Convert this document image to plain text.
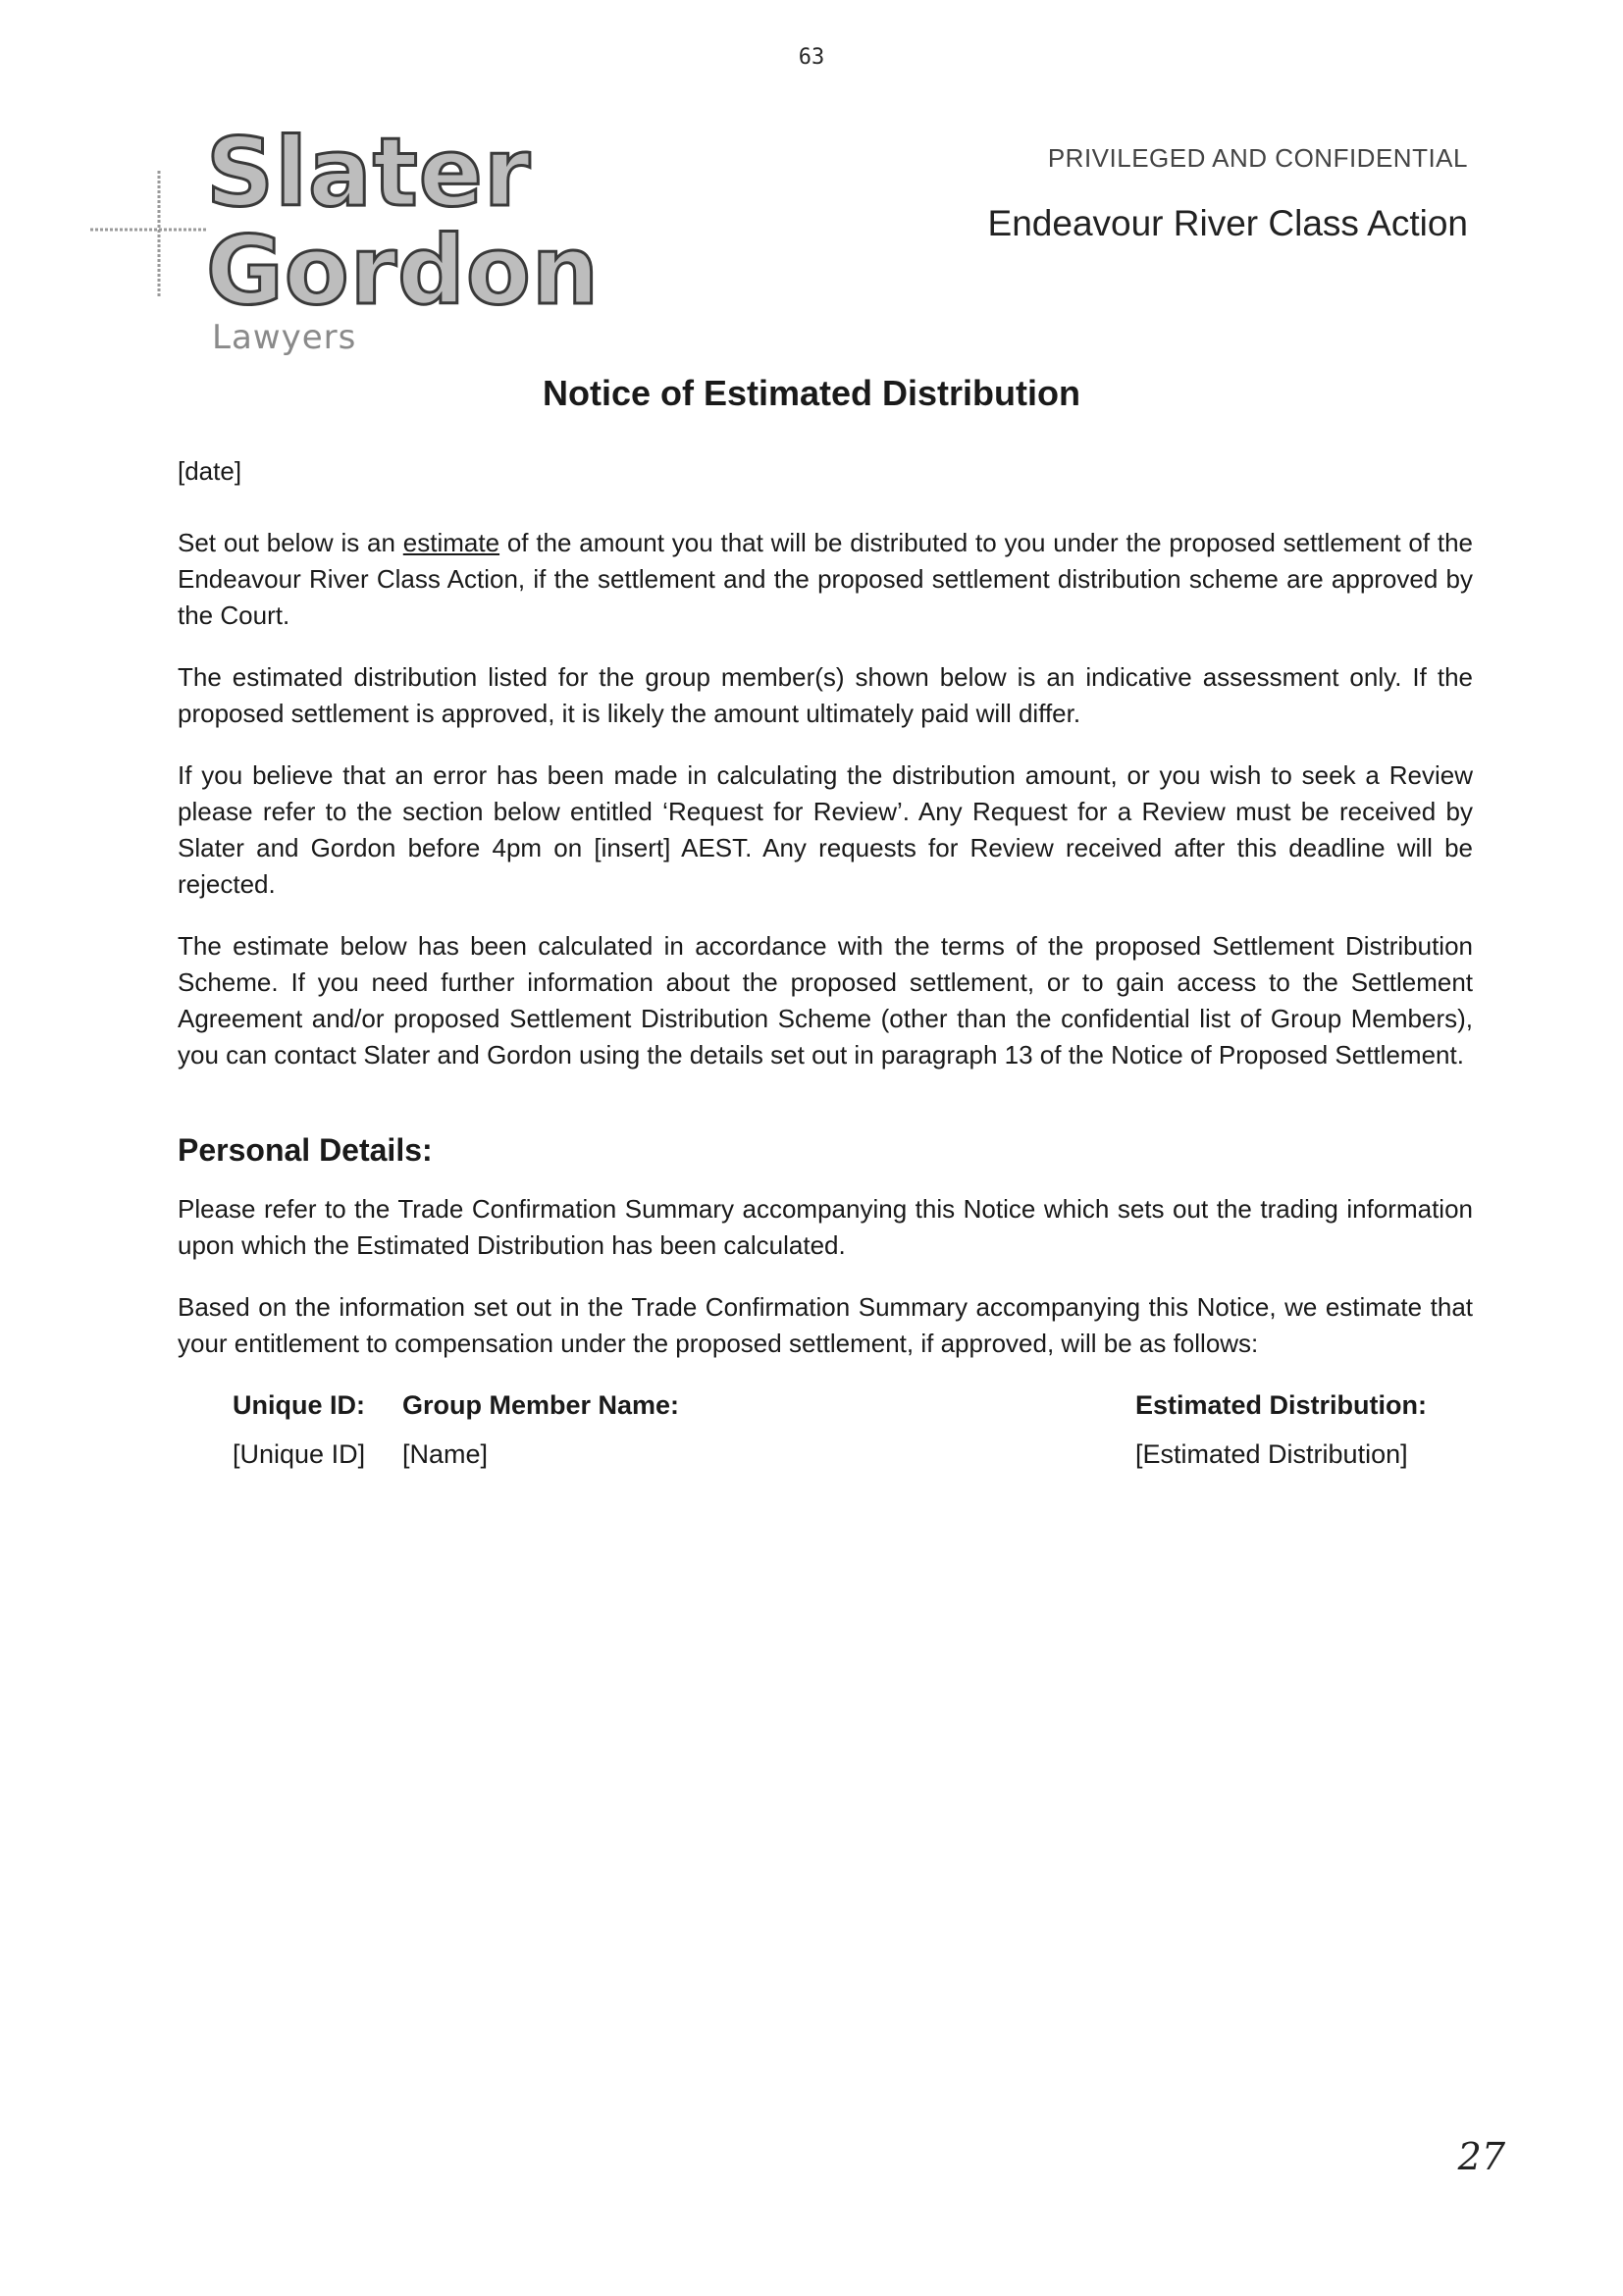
63
Slater
Gordon
Lawyers
PRIVILEGED AND CONFIDENTIAL
Endeavour River Class Action
Notice of Estimated Distribution

[date]

Set out below is an estimate of the amount you that will be distributed to you under the proposed settlement of the Endeavour River Class Action, if the settlement and the proposed settlement distribution scheme are approved by the Court.

The estimated distribution listed for the group member(s) shown below is an indicative assessment only. If the proposed settlement is approved, it is likely the amount ultimately paid will differ.

If you believe that an error has been made in calculating the distribution amount, or you wish to seek a Review please refer to the section below entitled ‘Request for Review’. Any Request for a Review must be received by Slater and Gordon before 4pm on [insert] AEST. Any requests for Review received after this deadline will be rejected.

The estimate below has been calculated in accordance with the terms of the proposed Settlement Distribution Scheme. If you need further information about the proposed settlement, or to gain access to the Settlement Agreement and/or proposed Settlement Distribution Scheme (other than the confidential list of Group Members), you can contact Slater and Gordon using the details set out in paragraph 13 of the Notice of Proposed Settlement.

Personal Details:

Please refer to the Trade Confirmation Summary accompanying this Notice which sets out the trading information upon which the Estimated Distribution has been calculated.

Based on the information set out in the Trade Confirmation Summary accompanying this Notice, we estimate that your entitlement to compensation under the proposed settlement, if approved, will be as follows:

Unique ID: Group Member Name:	Estimated Distribution:
[Unique ID] [Name]	[Estimated Distribution]
27
